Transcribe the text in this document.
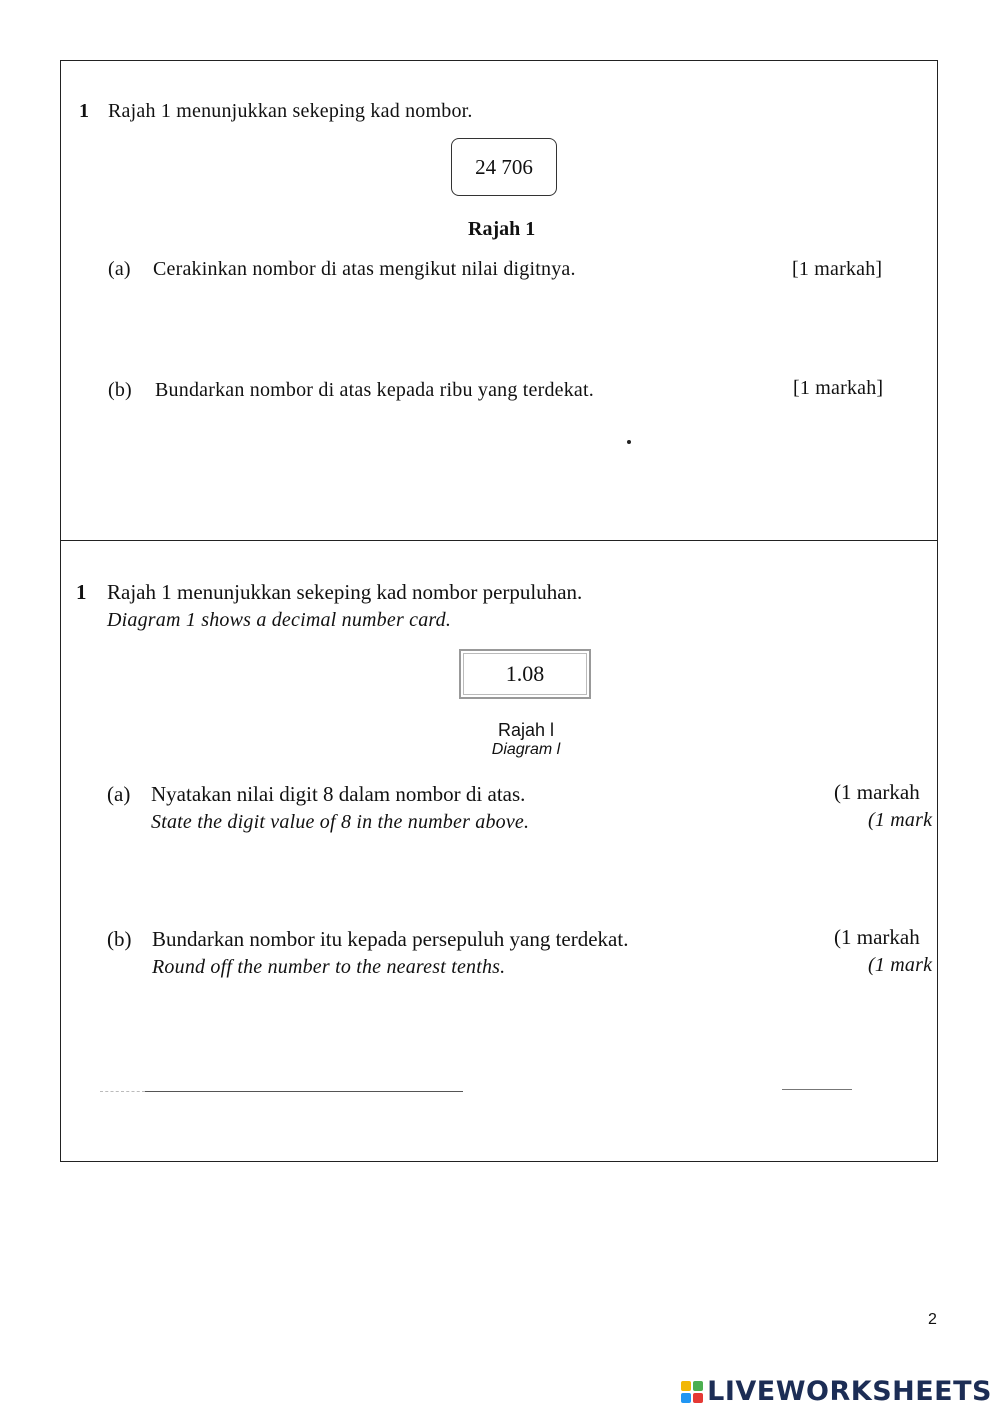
1 Rajah 1 menunjukkan sekeping kad nombor.
24 706
Rajah 1
(a) Cerakinkan nombor di atas mengikut nilai digitnya.	[1 markah]
(b) Bundarkan nombor di atas kepada ribu yang terdekat.	[1 markah]
1 Rajah 1 menunjukkan sekeping kad nombor perpuluhan.
Diagram 1 shows a decimal number card.
1.08
Rajah l
Diagram l
(a) Nyatakan nilai digit 8 dalam nombor di atas.
State the digit value of 8 in the number above.
(1 markah
(1 mark
(b) Bundarkan nombor itu kepada persepuluh yang terdekat.
Round off the number to the nearest tenths.
(1 markah
(1 mark
2
LIVEWORKSHEETS
